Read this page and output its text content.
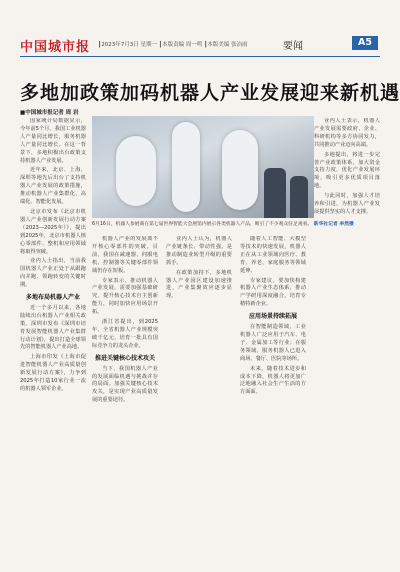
中国城市报 ┃2023年7月3日 星期一 ┃本版责编 周一鸣 ┃本版美编 张冶雨	要闻	A5
多地加政策加码机器人产业发展迎来新机遇
■中国城市报记者 周 岩

国家统计局数据显示，今年前5个月，我国工业机器人产量同比增长，服务机器人产量同比增长。在这一背景下，多地积极出台政策支持机器人产业发展。

近年来，北京、上海、深圳等地先后出台了支持机器人产业发展的政策措施，推动机器人产业集群化、高端化、智能化发展。

北京市发布《北京市机器人产业创新发展行动方案（2023—2025年）》，提出到2025年，北京市机器人核心零部件、整机和应用领域将取得突破。

业内人士指出，当前我国机器人产业正处于从跟跑向并跑、领跑转变的关键时期。

多地布局机器人产业

近一个多月以来，各地陆续出台机器人产业相关政策。深圳市发布《深圳市培育发展智能机器人产业集群行动计划》，提出打造全球领先的智能机器人产业高地。

上海市印发《上海市促进智能机器人产业高质量创新发展行动方案》，力争到2025年打造10家行业一流的机器人领军企业。

6月16日，机器人参展商在第七届世界智能大会展馆内展示各类机器人产品，吸引了不少观众驻足观看。 新华社记者 李然摄

机器人产业的发展离不开核心零部件的突破。目前，我国在减速器、伺服电机、控制器等关键零部件领域仍存在短板。

专家表示，推动机器人产业发展，需要加强基础研究，提升核心技术自主创新能力，同时加快应用场景开拓。

浙江省提出，到2025年，全省机器人产业规模突破千亿元，培育一批具有国际竞争力的龙头企业。

推进关键核心技术攻关

当下，我国机器人产业的发展面临机遇与挑战并存的局面。加强关键核心技术攻关，是实现产业高质量发展的重要途径。

业内人士认为，机器人产业链条长、带动性强，是推动制造业转型升级的重要抓手。

在政策加持下，多地机器人产业园区建设加速推进，产业集聚效应逐步显现。

随着人工智能、大模型等技术的快速发展，机器人正在从工业领域向医疗、教育、养老、家庭服务等领域延伸。

专家建议，要加快构建机器人产业生态体系，推动产学研用深度融合，培育专精特新企业。

应用场景持续拓展

在智能制造领域，工业机器人广泛应用于汽车、电子、金属加工等行业；在服务领域，服务机器人已进入商场、餐厅、医院等场所。

未来，随着技术进步和成本下降，机器人将更加广泛地融入社会生产生活的方方面面。

业内人士表示，机器人产业发展需要政府、企业、科研机构等多方协同发力，共同推动产业迈向高端。

多地提出，将进一步完善产业政策体系，加大资金支持力度，优化产业发展环境，吸引更多优质项目落地。

与此同时，加强人才培养和引进，为机器人产业发展提供坚实的人才支撑。
